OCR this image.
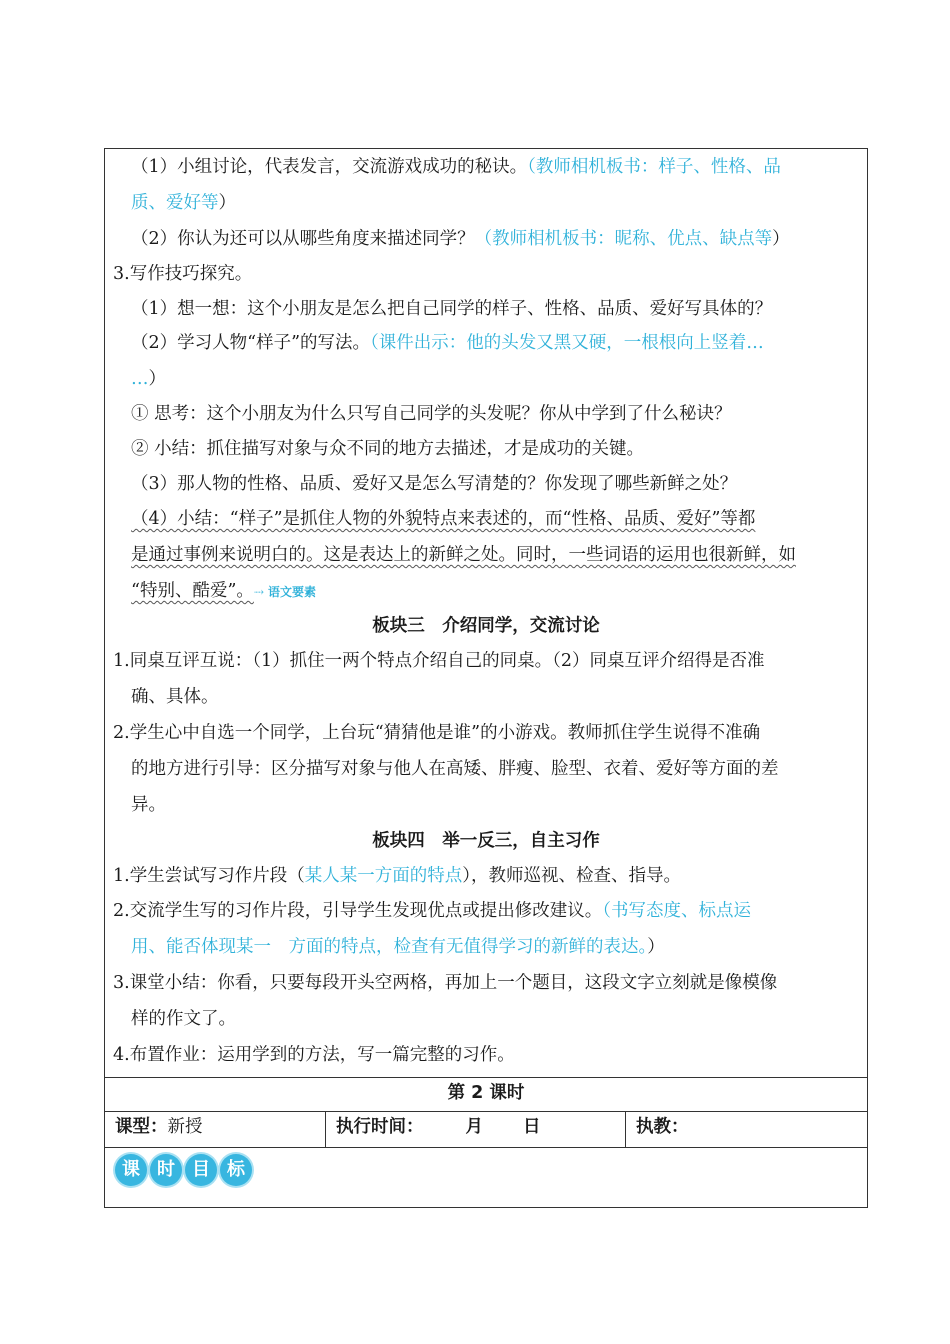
（1）小组讨论，代表发言，交流游戏成功的秘诀。（教师相机板书：样子、性格、品
质、爱好等）
（2）你认为还可以从哪些角度来描述同学？（教师相机板书：昵称、优点、缺点等）
3.写作技巧探究。
（1）想一想：这个小朋友是怎么把自己同学的样子、性格、品质、爱好写具体的？
（2）学习人物“样子”的写法。（课件出示：他的头发又黑又硬，一根根向上竖着…
…）
① 思考：这个小朋友为什么只写自己同学的头发呢？你从中学到了什么秘诀？
② 小结：抓住描写对象与众不同的地方去描述，才是成功的关键。
（3）那人物的性格、品质、爱好又是怎么写清楚的？你发现了哪些新鲜之处？
（4）小结：“样子”是抓住人物的外貌特点来表述的，而“性格、品质、爱好”等都
是通过事例来说明白的。这是表达上的新鲜之处。同时，一些词语的运用也很新鲜，如
“特别、酷爱”。⤑ 语文要素
板块三　介绍同学，交流讨论
1.同桌互评互说：（1）抓住一两个特点介绍自己的同桌。（2）同桌互评介绍得是否准
确、具体。
2.学生心中自选一个同学，上台玩“猜猜他是谁”的小游戏。教师抓住学生说得不准确
的地方进行引导：区分描写对象与他人在高矮、胖瘦、脸型、衣着、爱好等方面的差
异。
板块四　举一反三，自主习作
1.学生尝试写习作片段（某人某一方面的特点），教师巡视、检查、指导。
2.交流学生写的习作片段，引导学生发现优点或提出修改建议。（书写态度、标点运
用、能否体现某一　方面的特点，检查有无值得学习的新鲜的表达。）
3.课堂小结：你看，只要每段开头空两格，再加上一个题目，这段文字立刻就是像模像
样的作文了。
4.布置作业：运用学到的方法，写一篇完整的习作。
第 2 课时
课型：新授	执行时间： 月 日	执教：
课 时 目 标
